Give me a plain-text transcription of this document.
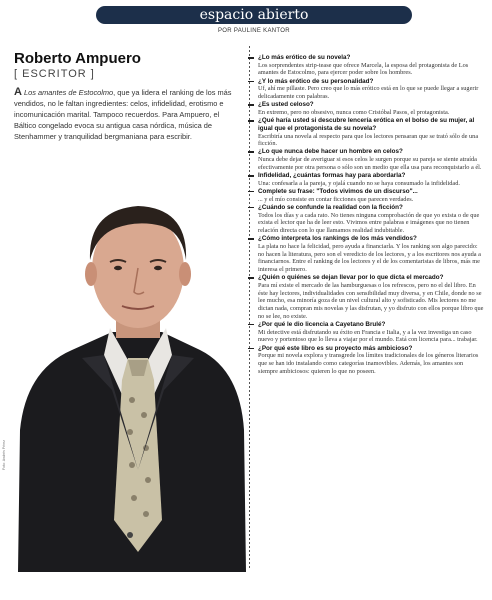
espacio abierto
POR PAULINE KANTOR
Roberto Ampuero
[ ESCRITOR ]

A Los amantes de Estocolmo, que ya lidera el ranking de los más vendidos, no le faltan ingredientes: celos, infidelidad, erotismo e incomunicación marital. Tampoco recuerdos. Para Ampuero, el Báltico congelado evoca su antigua casa nórdica, música de Stenhammer y tranquilidad bergmaniana para escribir.

Foto: Andrés Pérez

¿Lo más erótico de su novela?

Los sorprendentes strip-tease que ofrece Marcela, la esposa del protagonista de Los amantes de Estocolmo, para ejercer poder sobre los hombres.

¿Y lo más erótico de su personalidad?

Uf, ahí me pillaste. Pero creo que lo más erótico está en lo que se puede llegar a sugerir delicadamente con palabras.

¿Es usted celoso?

En extremo, pero no obsesivo, nunca como Cristóbal Pasos, el protagonista.

¿Qué haría usted si descubre lencería erótica en el bolso de su mujer, al igual que el protagonista de su novela?

Escribiría una novela al respecto para que los lectores pensaran que se trató sólo de una ficción.

¿Lo que nunca debe hacer un hombre en celos?

Nunca debe dejar de averiguar si esos celos le surgen porque su pareja se siente atraída efectivamente por otra persona o sólo son un medio que ella usa para reconquistarlo a él.

Infidelidad, ¿cuántas formas hay para abordarla?

Una: confesarla a la pareja, y ojalá cuando no se haya consumado la infidelidad.

Complete su frase: "Todos vivimos de un discurso"...

... y el mío consiste en contar ficciones que parecen verdades.

¿Cuándo se confunde la realidad con la ficción?

Todos los días y a cada rato. No tienes ninguna comprobación de que yo exista o de que exista el lector que ha de leer esto. Vivimos entre palabras e imágenes que no tienen relación directa con lo que llamamos realidad indubitable.

¿Cómo interpreta los rankings de los más vendidos?

La plata no hace la felicidad, pero ayuda a financiarla. Y los ranking son algo parecido: no hacen la literatura, pero son el veredicto de los lectores, y a los escritores nos ayuda a financiarnos. Entre el ranking de los lectores y el de los comentaristas de libros, más me interesa el primero.

¿Quién o quiénes se dejan llevar por lo que dicta el mercado?

Para mí existe el mercado de las hamburguesas o los refrescos, pero no el del libro. En éste hay lectores, individualidades con sensibilidad muy diversa, y en Chile, donde no se lee mucho, esa minoría goza de un nivel cultural alto y sofisticado. Mis lectores no me dictan nada, compran mis novelas y las disfrutan, y yo disfruto con ellos porque libro que no se lee, no existe.

¿Por qué le dio licencia a Cayetano Brulé?

Mi detective está disfrutando su éxito en Francia e Italia, y a la vez investiga un caso nuevo y portentoso que lo lleva a viajar por el mundo. Está con licencia para... trabajar.

¿Por qué este libro es su proyecto más ambicioso?

Porque mi novela explora y transgrede los límites tradicionales de los géneros literarios que se han ido instalando como categorías inamovibles. Además, los amantes son siempre ambiciosos: quieren lo que no poseen.
